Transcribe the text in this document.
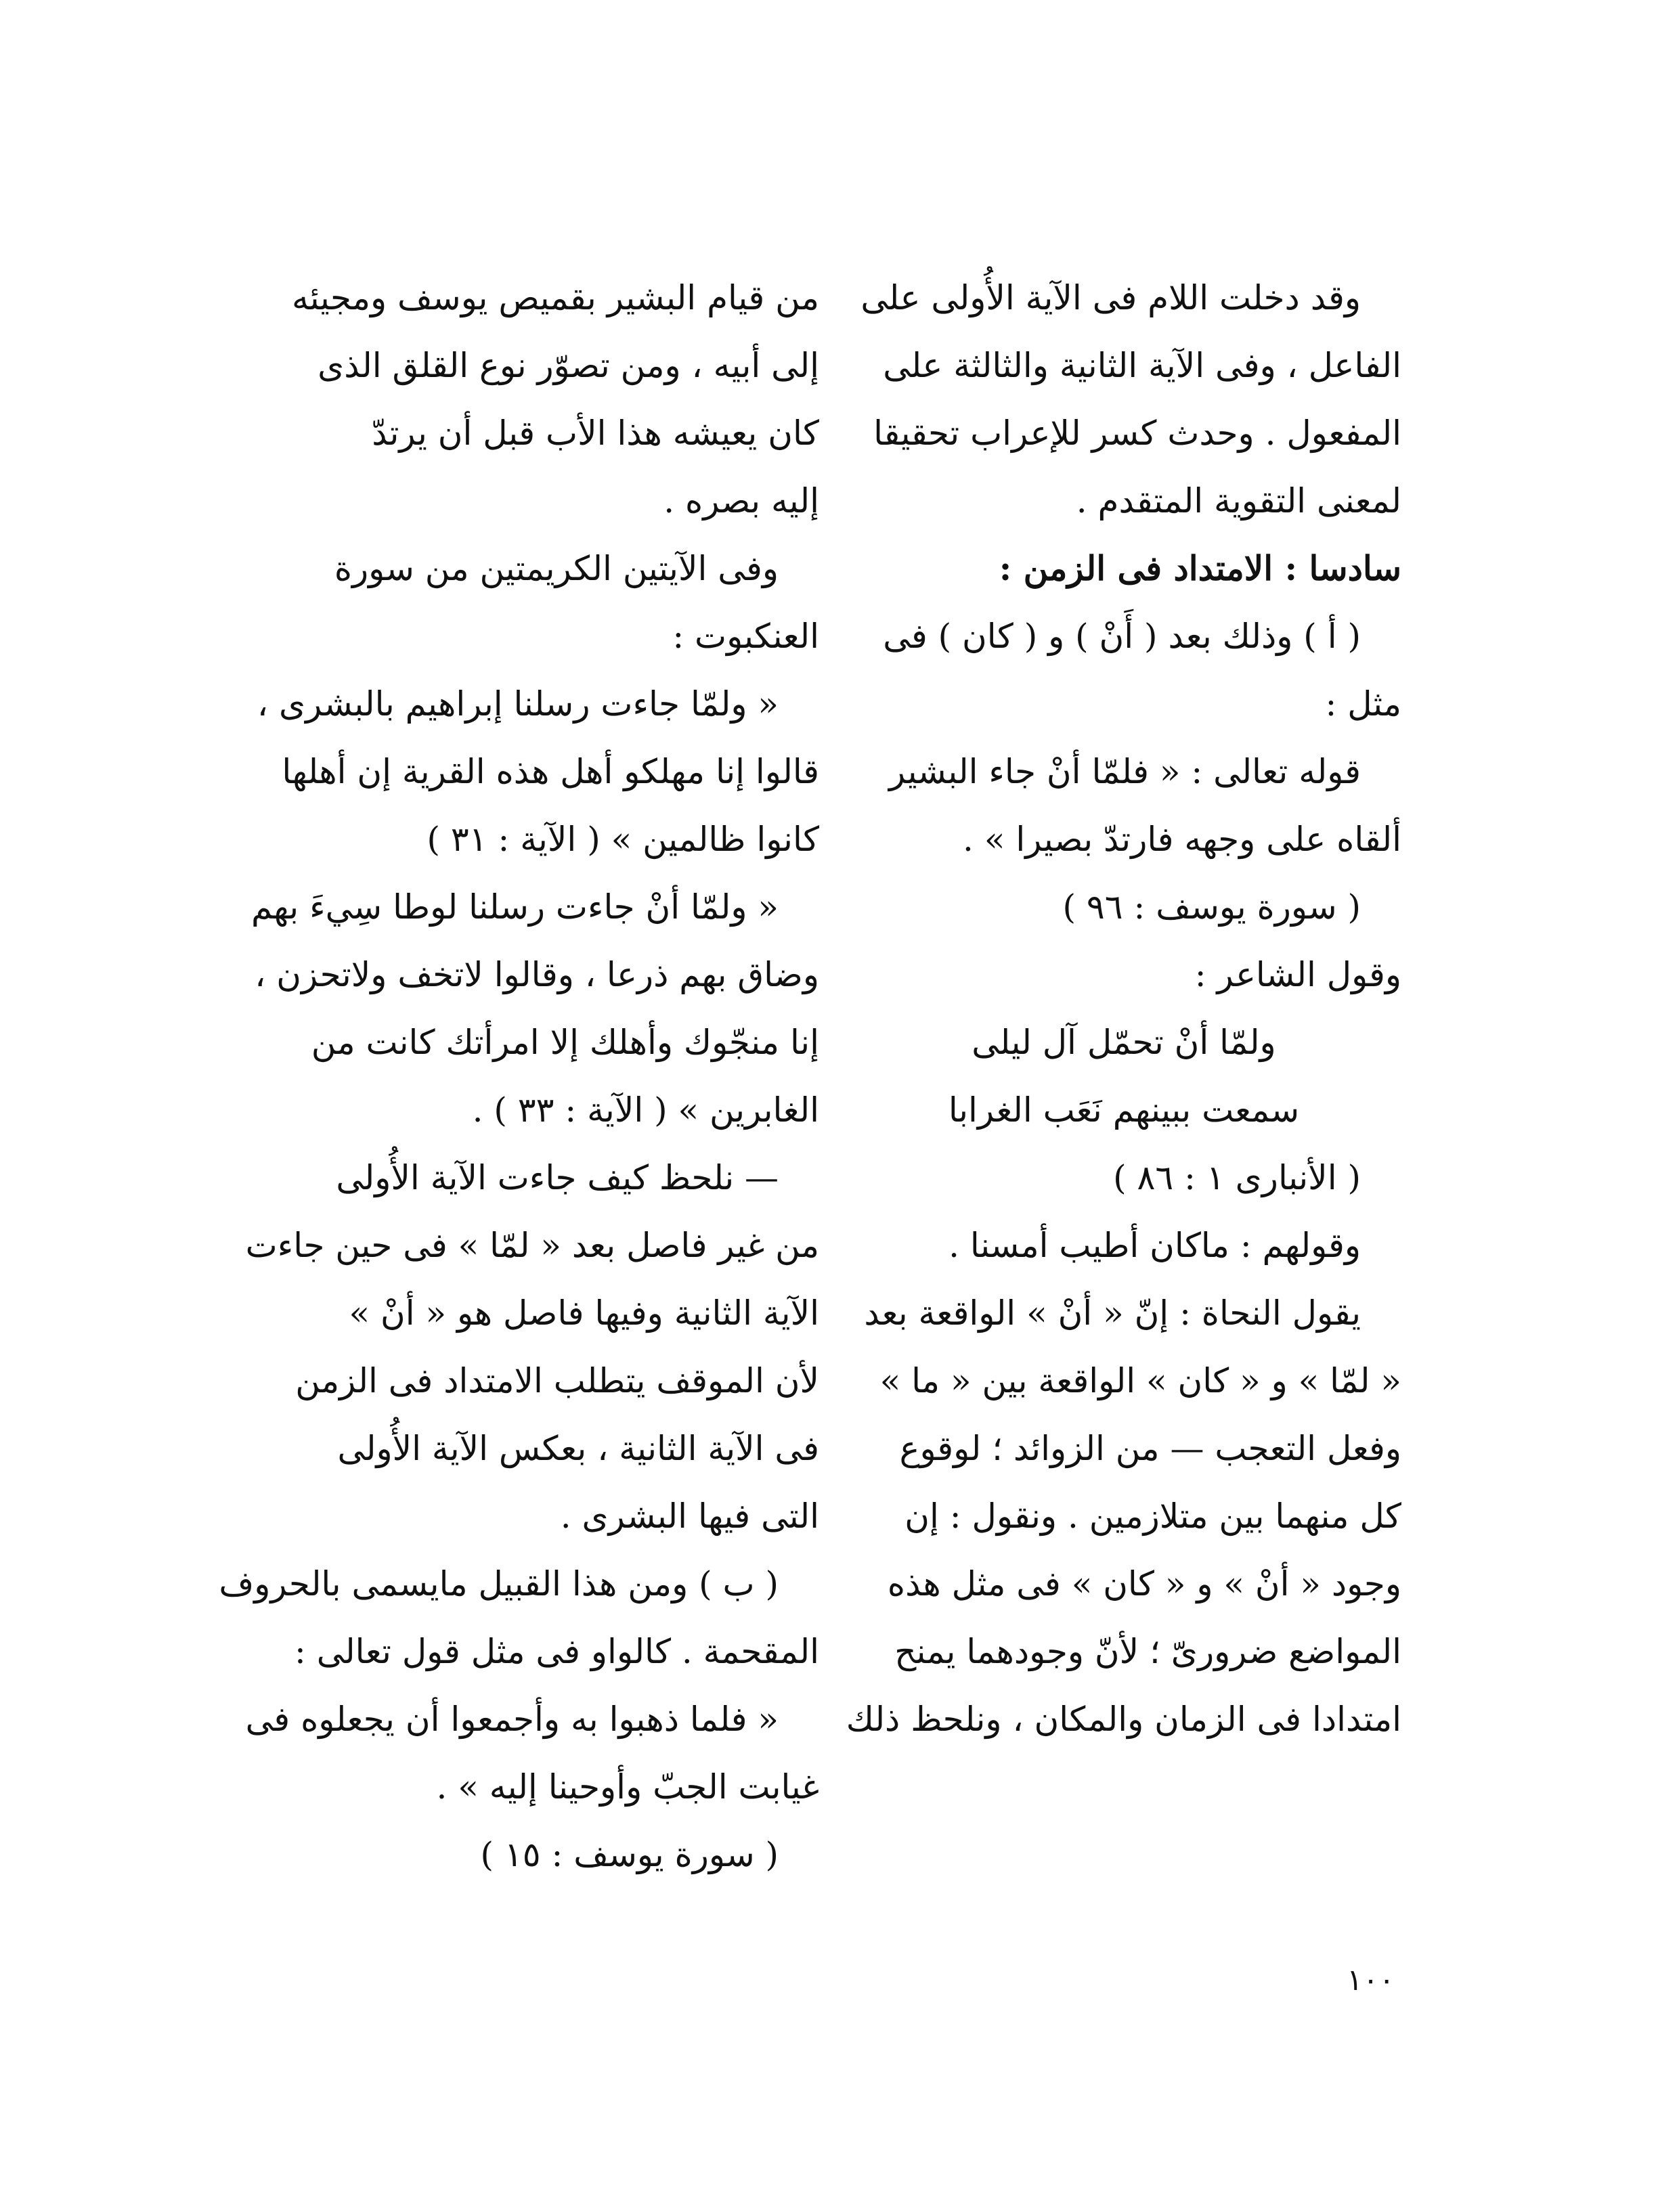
وقد دخلت اللام فى الآية الأُولى على
الفاعل ، وفى الآية الثانية والثالثة على
المفعول . وحدث كسر للإعراب تحقيقا
لمعنى التقوية المتقدم .
سادسا : الامتداد فى الزمن :
( أ ) وذلك بعد ( أَنْ ) و ( كان ) فى
مثل :
قوله تعالى : « فلمّا أنْ جاء البشير
ألقاه على وجهه فارتدّ بصيرا » .
( سورة يوسف : ٩٦ )
وقول الشاعر :
ولمّا أنْ تحمّل آل ليلى
سمعت ببينهم نَعَب الغرابا
( الأنبارى ١ : ٨٦ )
وقولهم : ماكان أطيب أمسنا .
يقول النحاة : إنّ « أنْ » الواقعة بعد
« لمّا » و « كان » الواقعة بين « ما »
وفعل التعجب — من الزوائد ؛ لوقوع
كل منهما بين متلازمين . ونقول : إن
وجود « أنْ » و « كان » فى مثل هذه
المواضع ضرورىّ ؛ لأنّ وجودهما يمنح
امتدادا فى الزمان والمكان ، ونلحظ ذلك
من قيام البشير بقميص يوسف ومجيئه
إلى أبيه ، ومن تصوّر نوع القلق الذى
كان يعيشه هذا الأب قبل أن يرتدّ
إليه بصره .
وفى الآيتين الكريمتين من سورة
العنكبوت :
« ولمّا جاءت رسلنا إبراهيم بالبشرى ،
قالوا إنا مهلكو أهل هذه القرية إن أهلها
كانوا ظالمين » ( الآية : ٣١ )
« ولمّا أنْ جاءت رسلنا لوطا سِيءَ بهم
وضاق بهم ذرعا ، وقالوا لاتخف ولاتحزن ،
إنا منجّوك وأهلك إلا امرأتك كانت من
الغابرين » ( الآية : ٣٣ ) .
— نلحظ كيف جاءت الآية الأُولى
من غير فاصل بعد « لمّا » فى حين جاءت
الآية الثانية وفيها فاصل هو « أنْ »
لأن الموقف يتطلب الامتداد فى الزمن
فى الآية الثانية ، بعكس الآية الأُولى
التى فيها البشرى .
( ب ) ومن هذا القبيل مايسمى بالحروف
المقحمة . كالواو فى مثل قول تعالى :
« فلما ذهبوا به وأجمعوا أن يجعلوه فى
غيابت الجبّ وأوحينا إليه » .
( سورة يوسف : ١٥ )
١٠٠
